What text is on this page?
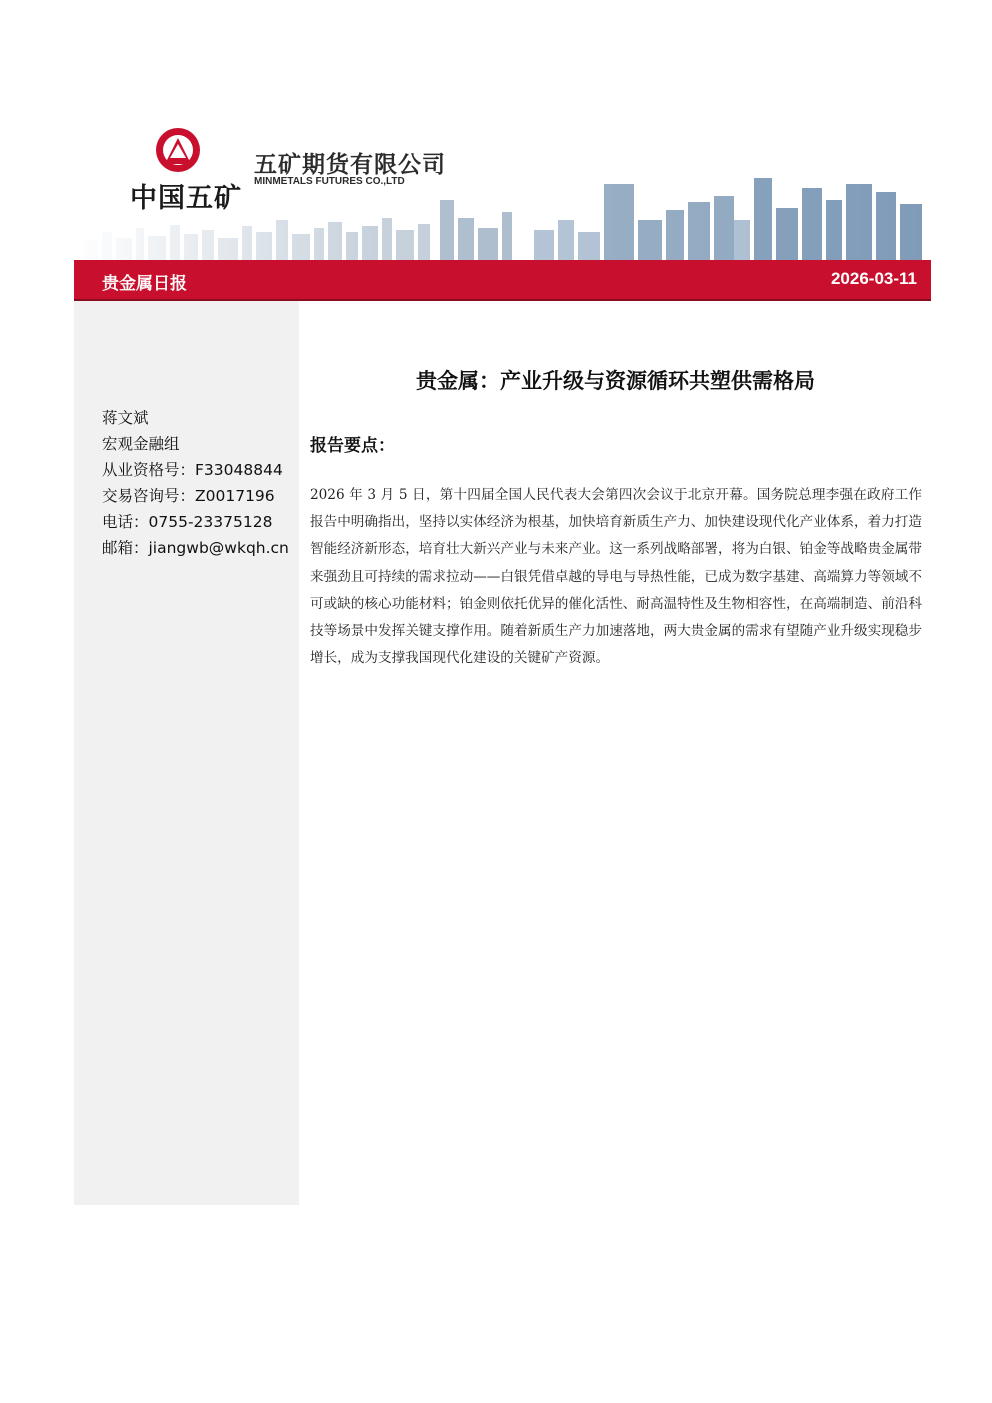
中国五矿
五矿期货有限公司
MINMETALS FUTURES CO.,LTD
贵金属日报	2026-03-11
蒋文斌
宏观金融组
从业资格号：F33048844
交易咨询号：Z0017196
电话：0755-23375128
邮箱：jiangwb@wkqh.cn
贵金属：产业升级与资源循环共塑供需格局
报告要点：
2026 年 3 月 5 日，第十四届全国人民代表大会第四次会议于北京开幕。国务院总理李强在政府工作报告中明确指出，坚持以实体经济为根基，加快培育新质生产力、加快建设现代化产业体系，着力打造智能经济新形态，培育壮大新兴产业与未来产业。这一系列战略部署，将为白银、铂金等战略贵金属带来强劲且可持续的需求拉动——白银凭借卓越的导电与导热性能，已成为数字基建、高端算力等领域不可或缺的核心功能材料；铂金则依托优异的催化活性、耐高温特性及生物相容性，在高端制造、前沿科技等场景中发挥关键支撑作用。随着新质生产力加速落地，两大贵金属的需求有望随产业升级实现稳步增长，成为支撑我国现代化建设的关键矿产资源。
